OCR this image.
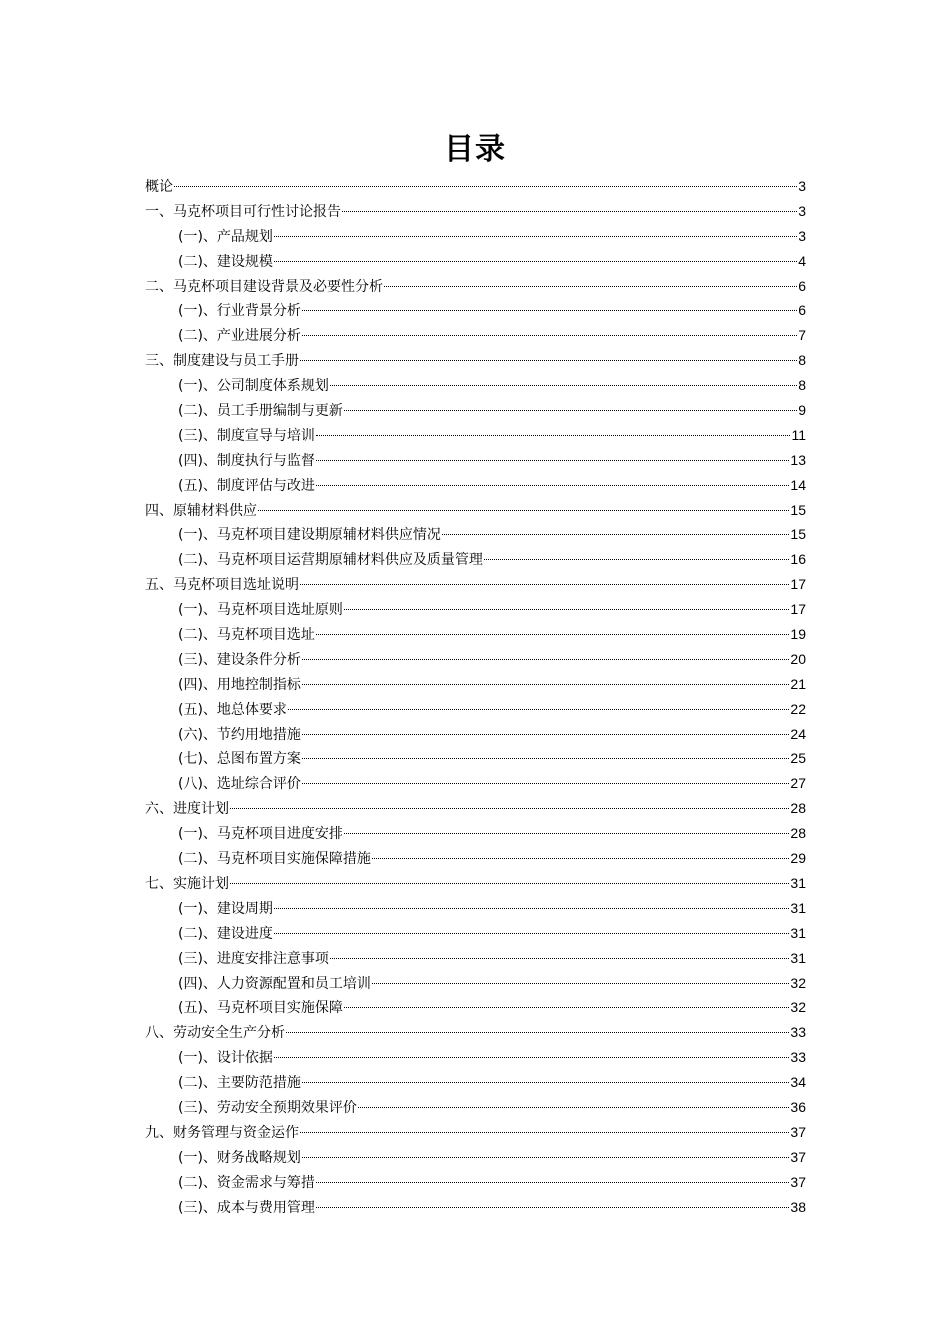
目录
概论	3
一、马克杯项目可行性讨论报告	3
(一)、产品规划	3
(二)、建设规模	4
二、马克杯项目建设背景及必要性分析	6
(一)、行业背景分析	6
(二)、产业进展分析	7
三、制度建设与员工手册	8
(一)、公司制度体系规划	8
(二)、员工手册编制与更新	9
(三)、制度宣导与培训	11
(四)、制度执行与监督	13
(五)、制度评估与改进	14
四、原辅材料供应	15
(一)、马克杯项目建设期原辅材料供应情况	15
(二)、马克杯项目运营期原辅材料供应及质量管理	16
五、马克杯项目选址说明	17
(一)、马克杯项目选址原则	17
(二)、马克杯项目选址	19
(三)、建设条件分析	20
(四)、用地控制指标	21
(五)、地总体要求	22
(六)、节约用地措施	24
(七)、总图布置方案	25
(八)、选址综合评价	27
六、进度计划	28
(一)、马克杯项目进度安排	28
(二)、马克杯项目实施保障措施	29
七、实施计划	31
(一)、建设周期	31
(二)、建设进度	31
(三)、进度安排注意事项	31
(四)、人力资源配置和员工培训	32
(五)、马克杯项目实施保障	32
八、劳动安全生产分析	33
(一)、设计依据	33
(二)、主要防范措施	34
(三)、劳动安全预期效果评价	36
九、财务管理与资金运作	37
(一)、财务战略规划	37
(二)、资金需求与筹措	37
(三)、成本与费用管理	38
